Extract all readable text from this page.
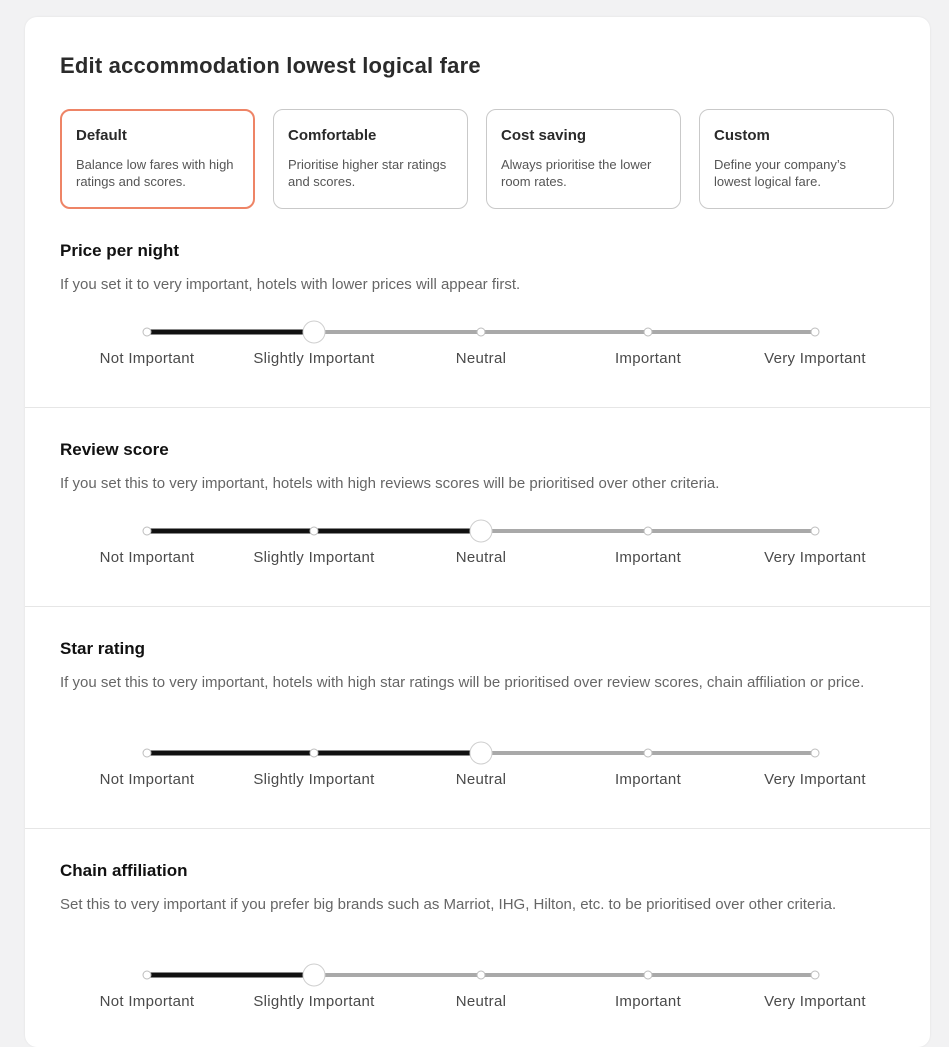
Edit accommodation lowest logical fare
Default
Balance low fares with high ratings and scores.
Comfortable
Prioritise higher star ratings and scores.
Cost saving
Always prioritise the lower room rates.
Custom
Define your company’s lowest logical fare.
Price per night
If you set it to very important, hotels with lower prices will appear first.
Not Important	Slightly Important	Neutral	Important	Very Important
Review score
If you set this to very important, hotels with high reviews scores will be prioritised over other criteria.
Not Important	Slightly Important	Neutral	Important	Very Important
Star rating
If you set this to very important, hotels with high star ratings will be prioritised over review scores, chain affiliation or price.
Not Important	Slightly Important	Neutral	Important	Very Important
Chain affiliation
Set this to very important if you prefer big brands such as Marriot, IHG, Hilton, etc. to be prioritised over other criteria.
Not Important	Slightly Important	Neutral	Important	Very Important
